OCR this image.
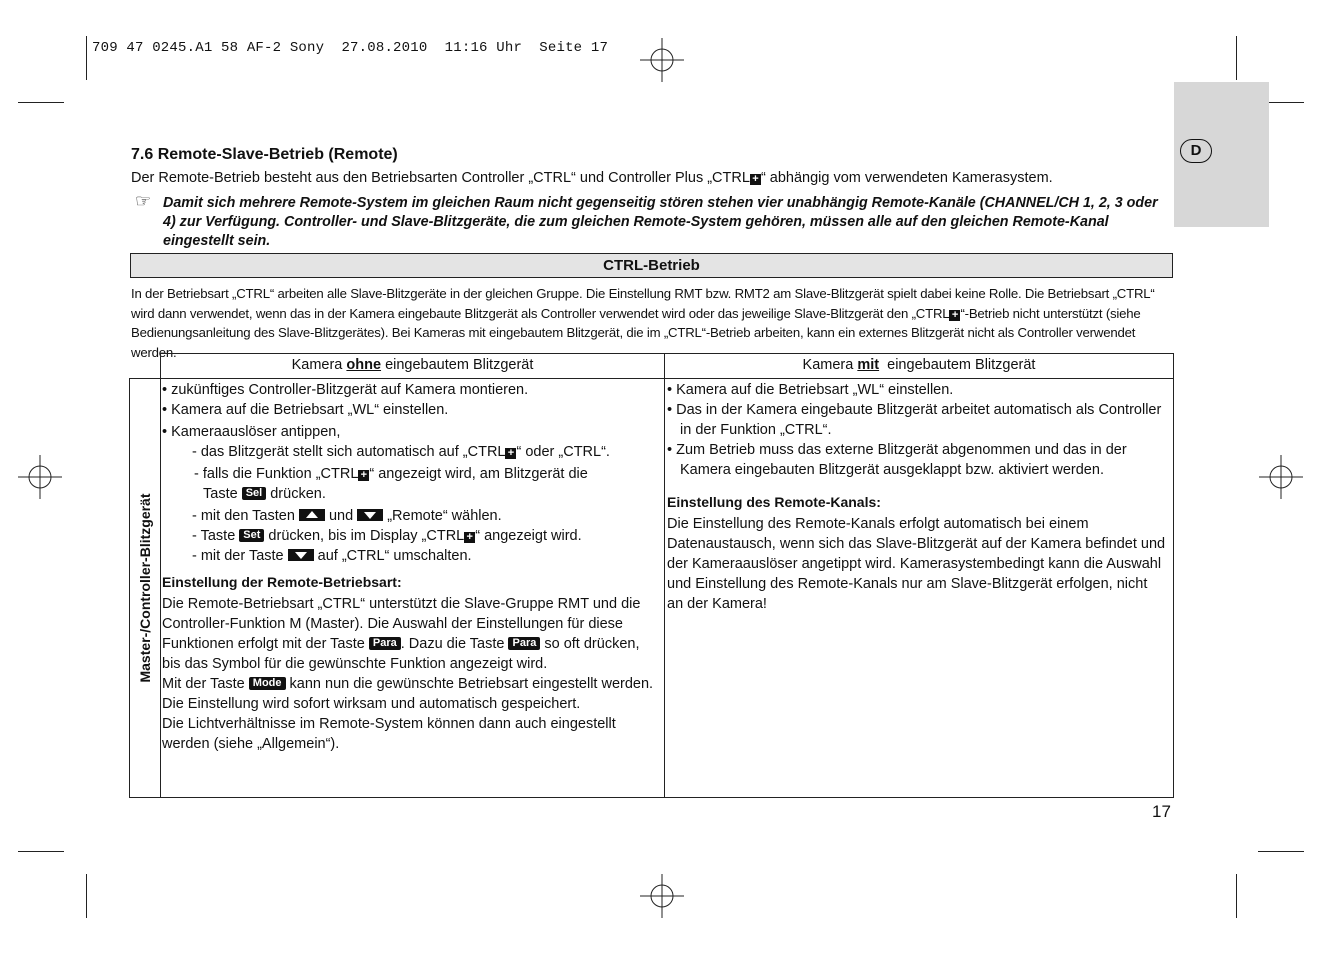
709 47 0245.A1 58 AF-2 Sony  27.08.2010  11:16 Uhr  Seite 17
D
7.6 Remote-Slave-Betrieb (Remote)
Der Remote-Betrieb besteht aus den Betriebsarten Controller „CTRL“ und Controller Plus „CTRL + “ abhängig vom verwendeten Kamerasystem.
☞ Damit sich mehrere Remote-System im gleichen Raum nicht gegenseitig stören stehen vier unabhängig Remote-Kanäle (CHANNEL/CH 1, 2, 3 oder 4) zur Verfügung. Controller- und Slave-Blitzgeräte, die zum gleichen Remote-System gehören, müssen alle auf den gleichen Remote-Kanal eingestellt sein.
CTRL-Betrieb
In der Betriebsart „CTRL“ arbeiten alle Slave-Blitzgeräte in der gleichen Gruppe. Die Einstellung RMT bzw. RMT2 am Slave-Blitzgerät spielt dabei keine Rolle. Die Betriebsart „CTRL“ wird dann verwendet, wenn das in der Kamera eingebaute Blitzgerät als Controller verwendet wird oder das jeweilige Slave-Blitzgerät den „CTRL + “-Betrieb nicht unterstützt (siehe Bedienungsanleitung des Slave-Blitzgerätes). Bei Kameras mit eingebautem Blitzgerät, die im „CTRL“-Betrieb arbeiten, kann ein externes Blitzgerät nicht als Controller verwendet werden.
Kamera ohne eingebautem Blitzgerät	Kamera mit  eingebautem Blitzgerät
Master-/Controller-Blitzgerät

• zukünftiges Controller-Blitzgerät auf Kamera montieren.

• Kamera auf die Betriebsart „WL“ einstellen.

• Kameraauslöser antippen,

- das Blitzgerät stellt sich automatisch auf „CTRL + “ oder „CTRL“.

- falls die Funktion „CTRL + “ angezeigt wird, am Blitzgerät die

Taste Sel drücken.

- mit den Tasten
und
„Remote“ wählen.

- Taste Set drücken, bis im Display „CTRL + “ angezeigt wird.

- mit der Taste
auf „CTRL“ umschalten.

Einstellung der Remote-Betriebsart:

Die Remote-Betriebsart „CTRL“ unterstützt die Slave-Gruppe RMT und die Controller-Funktion M (Master). Die Auswahl der Einstellungen für diese

Funktionen erfolgt mit der Taste Para . Dazu die Taste Para so oft drücken,

bis das Symbol für die gewünschte Funktion angezeigt wird.

Mit der Taste Mode kann nun die gewünschte Betriebsart eingestellt werden.

Die Einstellung wird sofort wirksam und automatisch gespeichert.

Die Lichtverhältnisse im Remote-System können dann auch eingestellt werden (siehe „Allgemein“).

• Kamera auf die Betriebsart „WL“ einstellen.

• Das in der Kamera eingebaute Blitzgerät arbeitet automatisch als Controller in der Funktion „CTRL“.

• Zum Betrieb muss das externe Blitzgerät abgenommen und das in der Kamera eingebauten Blitzgerät ausgeklappt bzw. aktiviert werden.

Einstellung des Remote-Kanals:

Die Einstellung des Remote-Kanals erfolgt automatisch bei einem Datenaustausch, wenn sich das Slave-Blitzgerät auf der Kamera befindet und der Kameraauslöser angetippt wird. Kamerasystembedingt kann die Auswahl und Einstellung des Remote-Kanals nur am Slave-Blitzgerät erfolgen, nicht an der Kamera!

17
